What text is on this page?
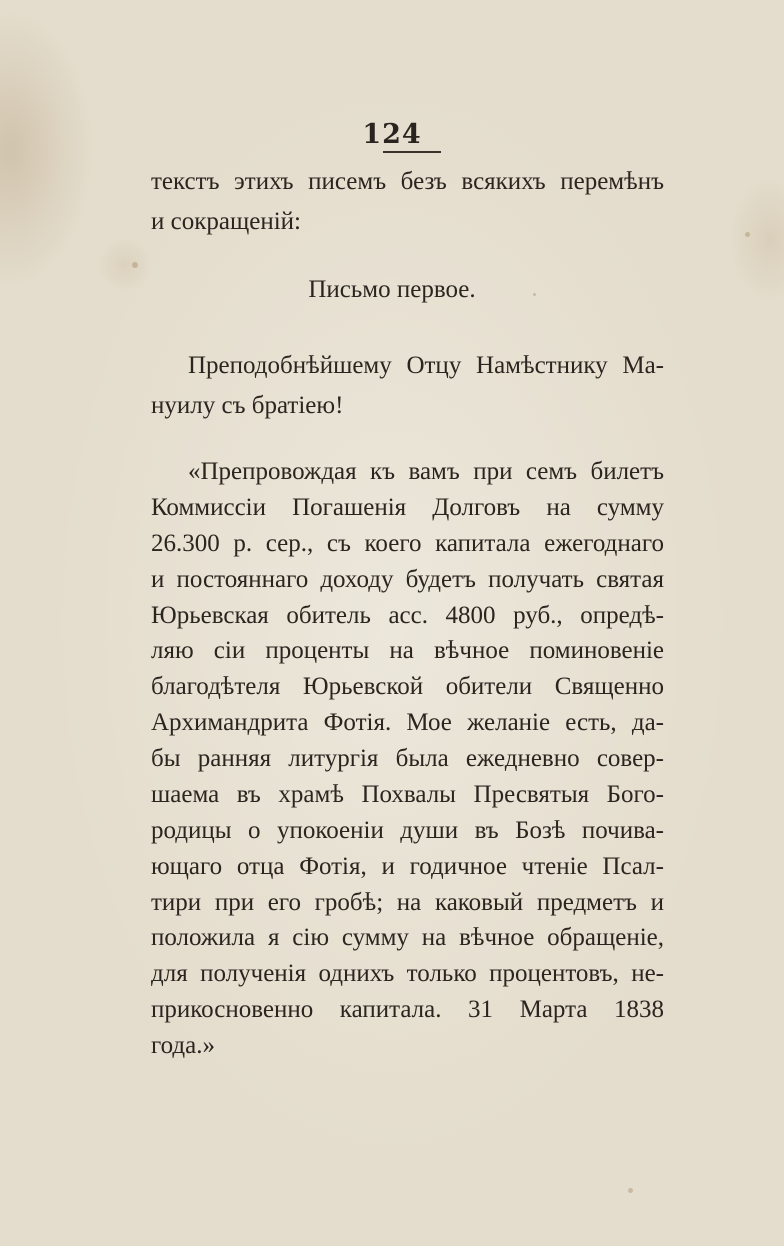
124

текстъ этихъ писемъ безъ всякихъ перемѣнъ

и сокращеній:

Письмо первое.

Преподобнѣйшему Отцу Намѣстнику Ма-

нуилу съ братіею!

«Препровождая къ вамъ при семъ билетъ

Коммиссіи Погашенія Долговъ на сумму

26.300 р. сер., съ коего капитала ежегоднаго

и постояннаго доходу будетъ получать святая

Юрьевская обитель асс. 4800 руб., опредѣ-

ляю сіи проценты на вѣчное поминовеніе

благодѣтеля Юрьевской обители Священно

Архимандрита Фотія. Мое желаніе есть, да-

бы ранняя литургія была ежедневно совер-

шаема въ храмѣ Похвалы Пресвятыя Бого-

родицы о упокоеніи души въ Бозѣ почива-

ющаго отца Фотія, и годичное чтеніе Псал-

тири при его гробѣ; на каковый предметъ и

положила я сію сумму на вѣчное обращеніе,

для полученія однихъ только процентовъ, не-

прикосновенно капитала. 31 Марта 1838

года.»
